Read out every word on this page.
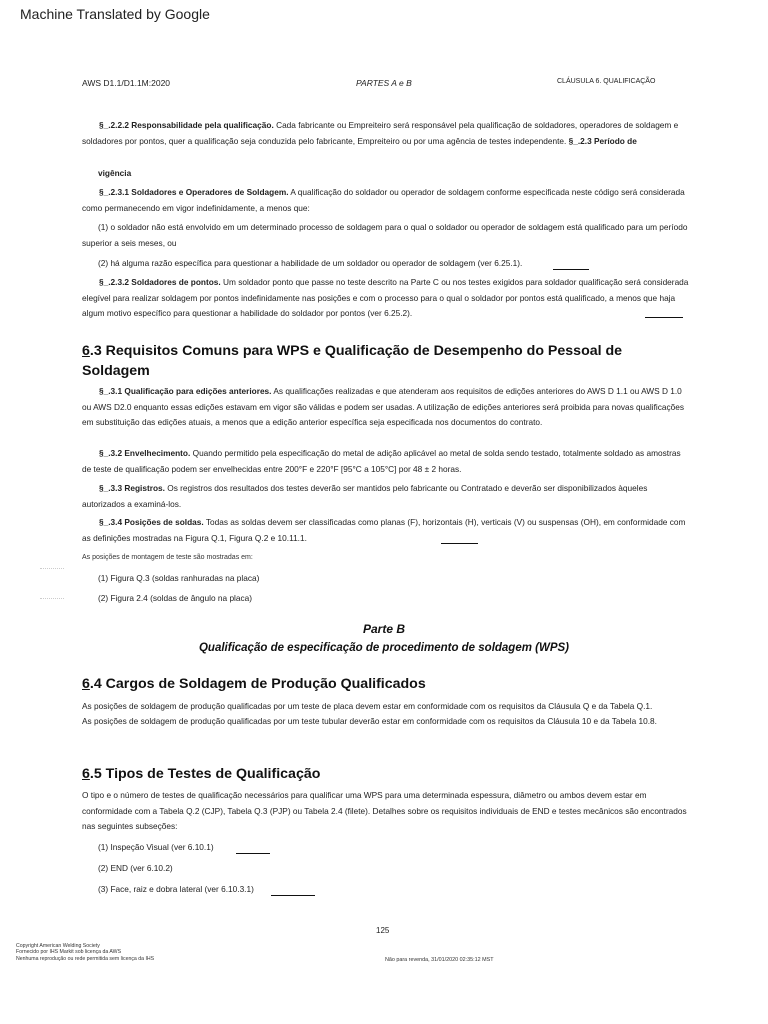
Machine Translated by Google
AWS D1.1/D1.1M:2020	PARTES A e B	CLÁUSULA 6. QUALIFICAÇÃO
§_.2.2.2 Responsabilidade pela qualificação. Cada fabricante ou Empreiteiro será responsável pela qualificação de soldadores, operadores de soldagem e soldadores por pontos, quer a qualificação seja conduzida pelo fabricante, Empreiteiro ou por uma agência de testes independente. §_.2.3 Período de
vigência
§_.2.3.1 Soldadores e Operadores de Soldagem. A qualificação do soldador ou operador de soldagem conforme especificada neste código será considerada como permanecendo em vigor indefinidamente, a menos que:
(1) o soldador não está envolvido em um determinado processo de soldagem para o qual o soldador ou operador de soldagem está qualificado para um período superior a seis meses, ou
(2) há alguma razão específica para questionar a habilidade de um soldador ou operador de soldagem (ver 6.25.1).
§_.2.3.2 Soldadores de pontos. Um soldador ponto que passe no teste descrito na Parte C ou nos testes exigidos para soldador qualificação será considerada elegível para realizar soldagem por pontos indefinidamente nas posições e com o processo para o qual o soldador por pontos está qualificado, a menos que haja algum motivo específico para questionar a habilidade do soldador por pontos (ver 6.25.2).
6.3 Requisitos Comuns para WPS e Qualificação de Desempenho do Pessoal de Soldagem
§_.3.1 Qualificação para edições anteriores. As qualificações realizadas e que atenderam aos requisitos de edições anteriores do AWS D 1.1 ou AWS D 1.0 ou AWS D2.0 enquanto essas edições estavam em vigor são válidas e podem ser usadas. A utilização de edições anteriores será proibida para novas qualificações em substituição das edições atuais, a menos que a edição anterior específica seja especificada nos documentos do contrato.
§_.3.2 Envelhecimento. Quando permitido pela especificação do metal de adição aplicável ao metal de solda sendo testado, totalmente soldado as amostras de teste de qualificação podem ser envelhecidas entre 200°F e 220°F [95°C a 105°C] por 48 ± 2 horas.
§_.3.3 Registros. Os registros dos resultados dos testes deverão ser mantidos pelo fabricante ou Contratado e deverão ser disponibilizados àqueles autorizados a examiná-los.
§_.3.4 Posições de soldas. Todas as soldas devem ser classificadas como planas (F), horizontais (H), verticais (V) ou suspensas (OH), em conformidade com as definições mostradas na Figura Q.1, Figura Q.2 e 10.11.1.
As posições de montagem de teste são mostradas em:
(1) Figura Q.3 (soldas ranhuradas na placa)
(2) Figura 2.4 (soldas de ângulo na placa)
Parte B
Qualificação de especificação de procedimento de soldagem (WPS)
6.4 Cargos de Soldagem de Produção Qualificados
As posições de soldagem de produção qualificadas por um teste de placa devem estar em conformidade com os requisitos da Cláusula Q e da Tabela Q.1.
As posições de soldagem de produção qualificadas por um teste tubular deverão estar em conformidade com os requisitos da Cláusula 10 e da Tabela 10.8.
6.5 Tipos de Testes de Qualificação
O tipo e o número de testes de qualificação necessários para qualificar uma WPS para uma determinada espessura, diâmetro ou ambos devem estar em conformidade com a Tabela Q.2 (CJP), Tabela Q.3 (PJP) ou Tabela 2.4 (filete). Detalhes sobre os requisitos individuais de END e testes mecânicos são encontrados nas seguintes subseções:
(1) Inspeção Visual (ver 6.10.1)
(2) END (ver 6.10.2)
(3) Face, raiz e dobra lateral (ver 6.10.3.1)
125
Copyright American Welding Society
Fornecido por IHS Markit sob licença da AWS
Nenhuma reprodução ou rede permitida sem licença da IHS	Não para revenda, 31/01/2020 02:35:12 MST
